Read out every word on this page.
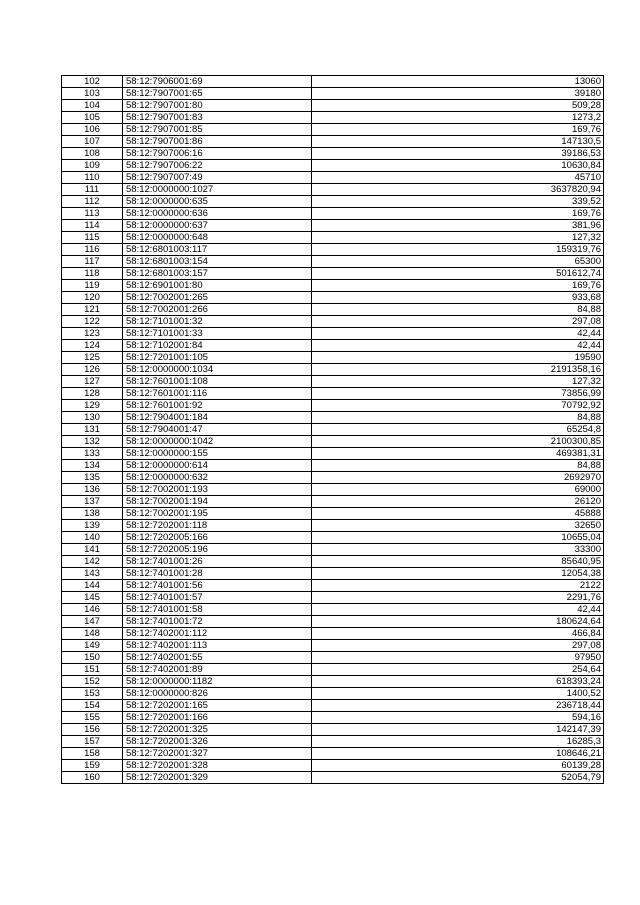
102	58:12:7906001:69	13060
103	58:12:7907001:65	39180
104	58:12:7907001:80	509,28
105	58:12:7907001:83	1273,2
106	58:12:7907001:85	169,76
107	58:12:7907001:86	147130,5
108	58:12:7907006:16	39186,53
109	58:12:7907006:22	10630,84
110	58:12:7907007:49	45710
111	58:12:0000000:1027	3637820,94
112	58:12:0000000:635	339,52
113	58:12:0000000:636	169,76
114	58:12:0000000:637	381,96
115	58:12:0000000:648	127,32
116	58:12:6801003:117	159319,76
117	58:12:6801003:154	65300
118	58:12:6801003:157	501612,74
119	58:12:6901001:80	169,76
120	58:12:7002001:265	933,68
121	58:12:7002001:266	84,88
122	58:12:7101001:32	297,08
123	58:12:7101001:33	42,44
124	58:12:7102001:84	42,44
125	58:12:7201001:105	19590
126	58:12:0000000:1034	2191358,16
127	58:12:7601001:108	127,32
128	58:12:7601001:116	73856,99
129	58:12:7601001:92	70792,92
130	58:12:7904001:184	84,88
131	58:12:7904001:47	65254,8
132	58:12:0000000:1042	2100300,85
133	58:12:0000000:155	469381,31
134	58:12:0000000:614	84,88
135	58:12:0000000:632	2692970
136	58:12:7002001:193	69000
137	58:12:7002001:194	26120
138	58:12:7002001:195	45888
139	58:12:7202001:118	32650
140	58:12:7202005:166	10655,04
141	58:12:7202005:196	33300
142	58:12:7401001:26	85640,95
143	58:12:7401001:28	12054,38
144	58:12:7401001:56	2122
145	58:12:7401001:57	2291,76
146	58:12:7401001:58	42,44
147	58:12:7401001:72	180624,64
148	58:12:7402001:112	466,84
149	58:12:7402001:113	297,08
150	58:12:7402001:55	97950
151	58:12:7402001:89	254,64
152	58:12:0000000:1182	618393,24
153	58:12:0000000:826	1400,52
154	58:12:7202001:165	236718,44
155	58:12:7202001:166	594,16
156	58:12:7202001:325	142147,39
157	58:12:7202001:326	16285,3
158	58:12:7202001:327	108646,21
159	58:12:7202001:328	60139,28
160	58:12:7202001:329	52054,79
